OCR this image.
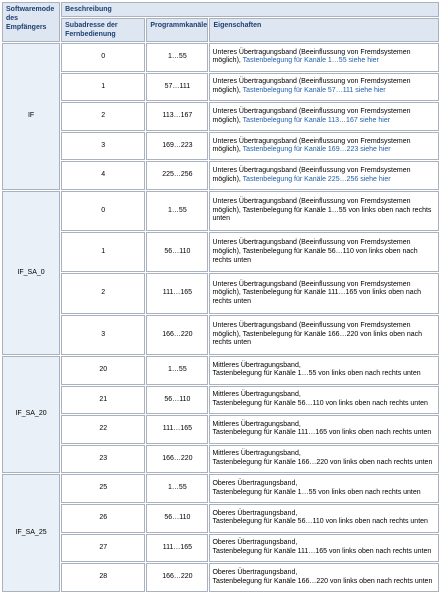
Softwaremode des Empfängers	Beschreibung		
	Subadresse der Fernbedienung	Programmkanäle	Eigenschaften
IF	0	1…55	Unteres Übertragungsband (Beeinflussung von Fremdsystemen möglich), Tastenbelegung für Kanäle 1…55 siehe hier
	1	57…111	Unteres Übertragungsband (Beeinflussung von Fremdsystemen möglich), Tastenbelegung für Kanäle 57…111 siehe hier
	2	113…167	Unteres Übertragungsband (Beeinflussung von Fremdsystemen möglich), Tastenbelegung für Kanäle 113…167 siehe hier
	3	169…223	Unteres Übertragungsband (Beeinflussung von Fremdsystemen möglich), Tastenbelegung für Kanäle 169…223 siehe hier
	4	225…256	Unteres Übertragungsband (Beeinflussung von Fremdsystemen möglich), Tastenbelegung für Kanäle 225…256 siehe hier
IF_SA_0	0	1…55	Unteres Übertragungsband (Beeinflussung von Fremdsystemen möglich), Tastenbelegung für Kanäle 1…55 von links oben nach rechts unten
	1	56…110	Unteres Übertragungsband (Beeinflussung von Fremdsystemen möglich), Tastenbelegung für Kanäle 56…110 von links oben nach rechts unten
	2	111…165	Unteres Übertragungsband (Beeinflussung von Fremdsystemen möglich), Tastenbelegung für Kanäle 111…165 von links oben nach rechts unten
	3	166…220	Unteres Übertragungsband (Beeinflussung von Fremdsystemen möglich), Tastenbelegung für Kanäle 166…220 von links oben nach rechts unten
IF_SA_20	20	1…55	Mittleres Übertragungsband,
Tastenbelegung für Kanäle 1…55 von links oben nach rechts unten
	21	56…110	Mittleres Übertragungsband,
Tastenbelegung für Kanäle 56…110 von links oben nach rechts unten
	22	111…165	Mittleres Übertragungsband,
Tastenbelegung für Kanäle 111…165 von links oben nach rechts unten
	23	166…220	Mittleres Übertragungsband,
Tastenbelegung für Kanäle 166…220 von links oben nach rechts unten
IF_SA_25	25	1…55	Oberes Übertragungsband,
Tastenbelegung für Kanäle 1…55 von links oben nach rechts unten
	26	56…110	Oberes Übertragungsband,
Tastenbelegung für Kanäle 56…110 von links oben nach rechts unten
	27	111…165	Oberes Übertragungsband,
Tastenbelegung für Kanäle 111…165 von links oben nach rechts unten
	28	166…220	Oberes Übertragungsband,
Tastenbelegung für Kanäle 166…220 von links oben nach rechts unten
